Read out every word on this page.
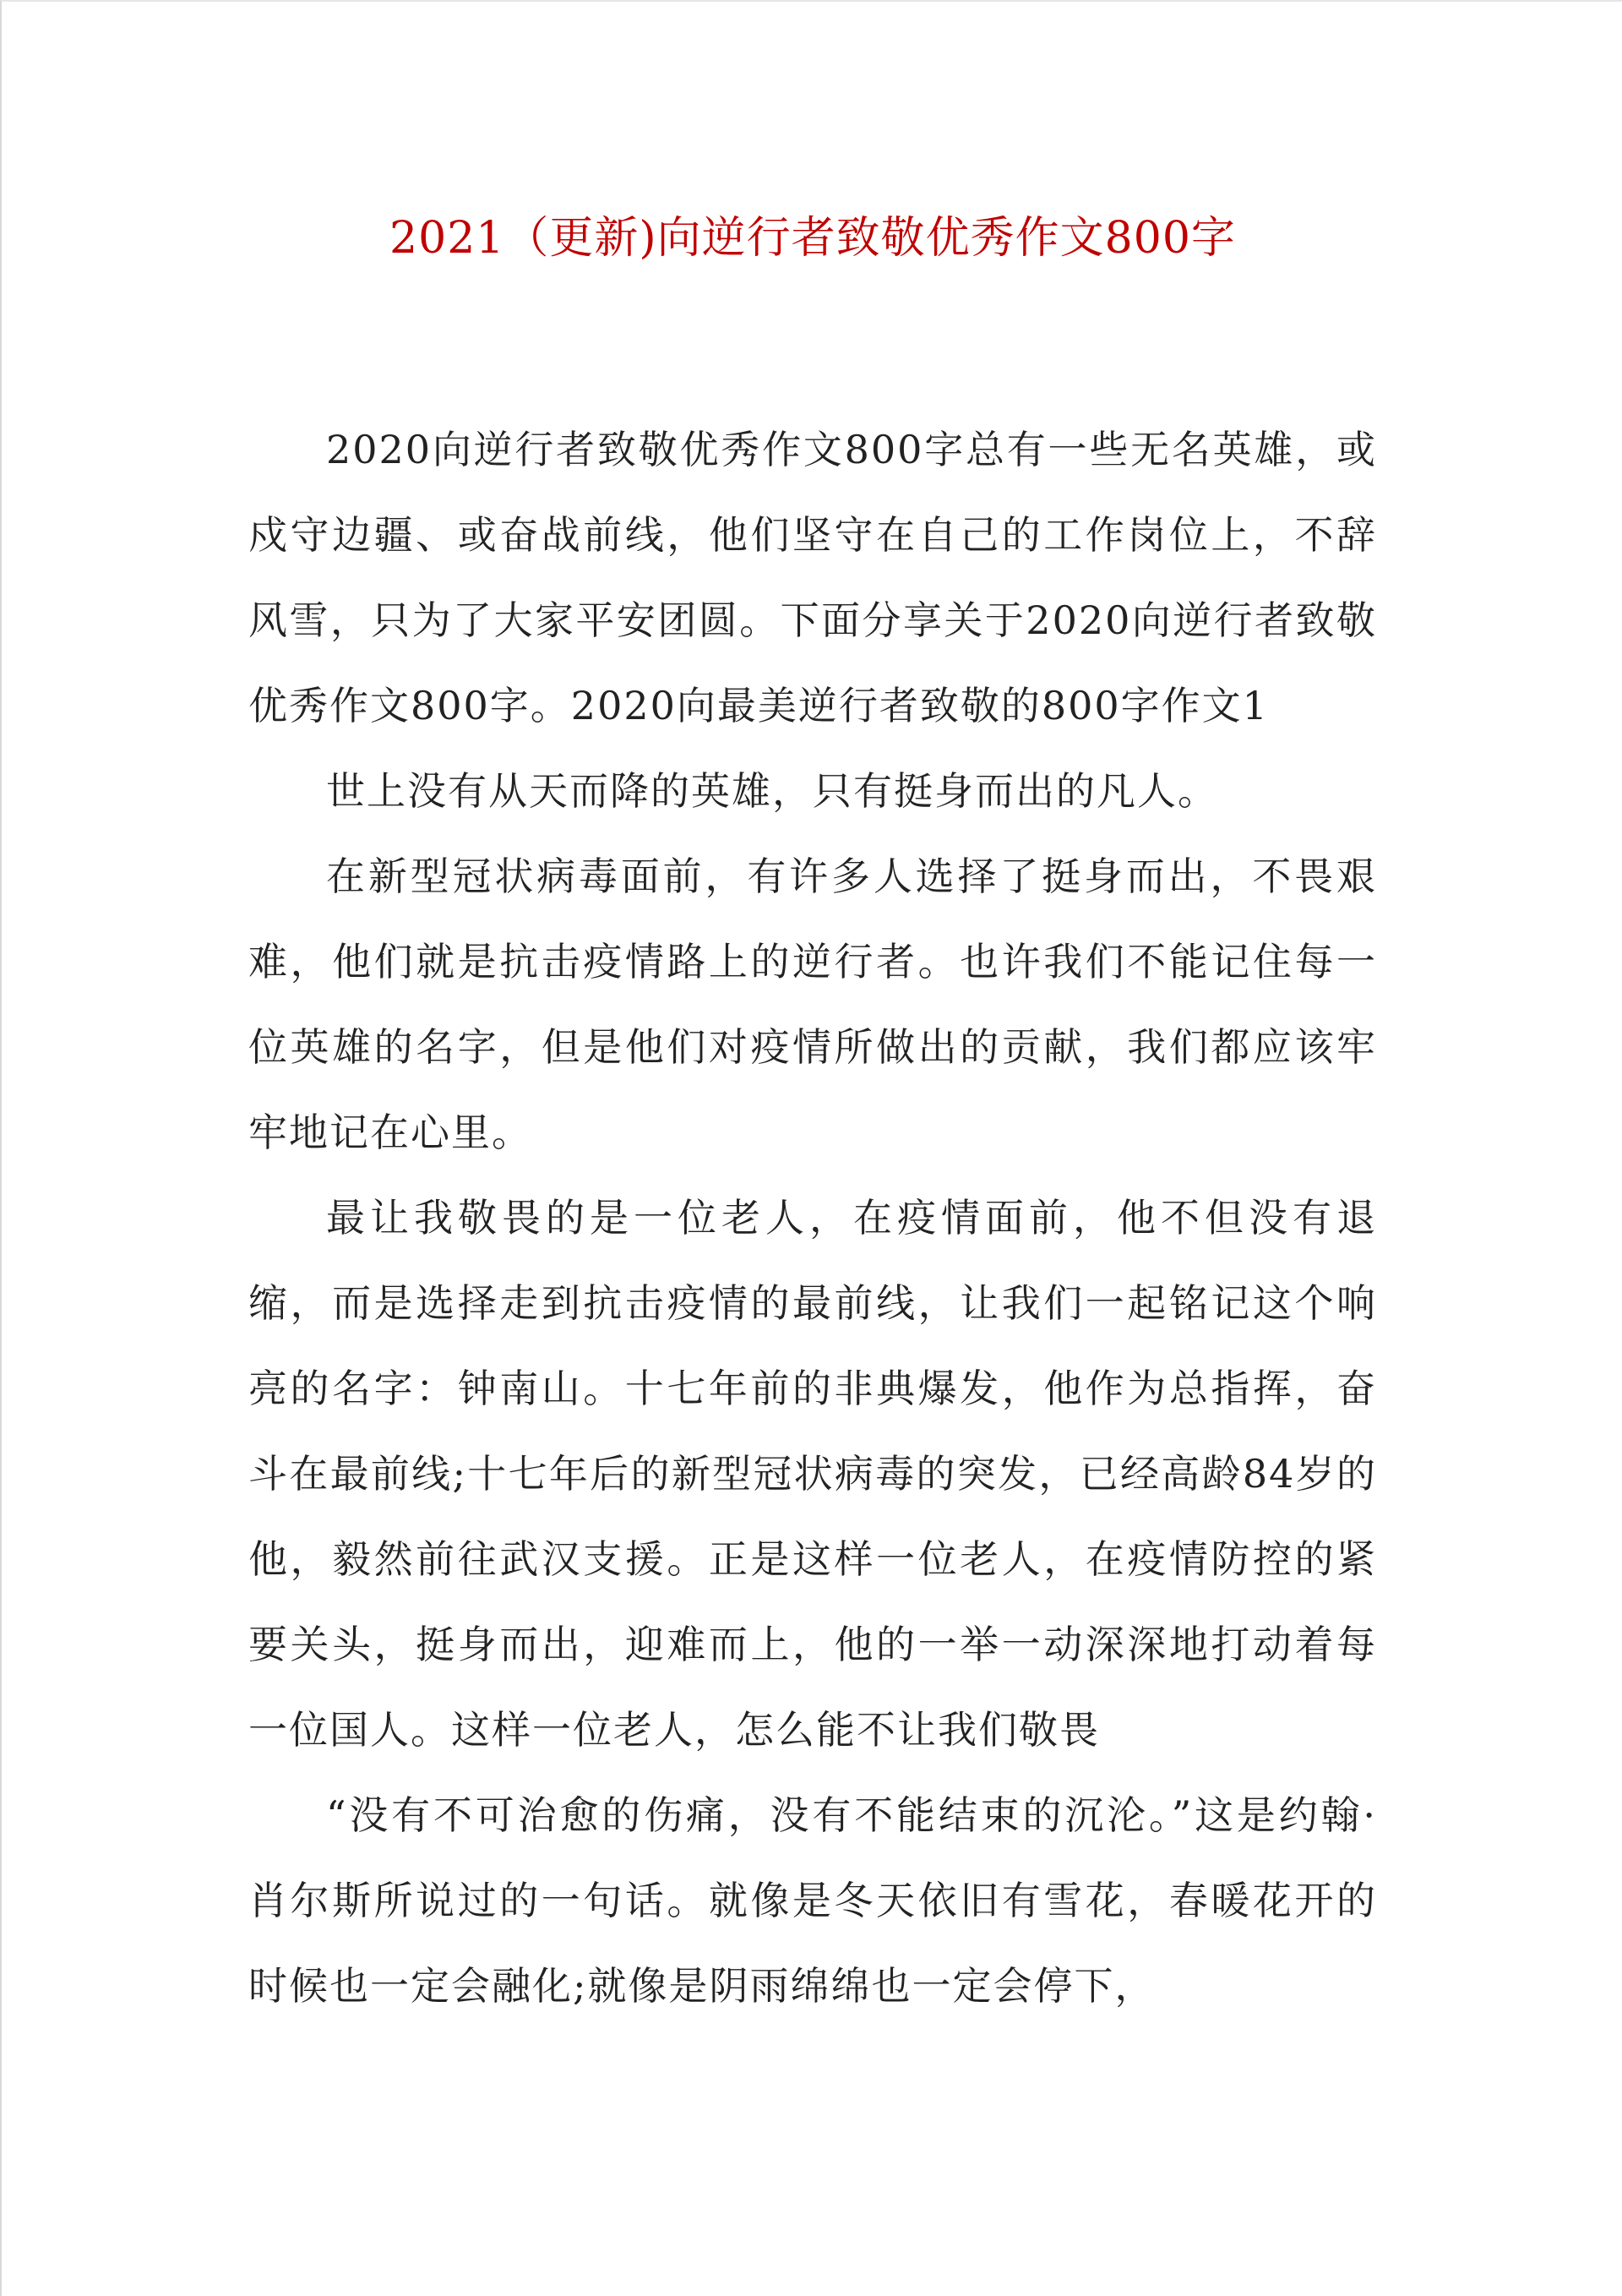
2021（更新)向逆行者致敬优秀作文800字

2020向逆行者致敬优秀作文800字总有一些无名英雄，或戍守边疆、或奋战前线，他们坚守在自己的工作岗位上，不辞风雪，只为了大家平安团圆。下面分享关于2020向逆行者致敬优秀作文800字。2020向最美逆行者致敬的800字作文1

世上没有从天而降的英雄，只有挺身而出的凡人。

在新型冠状病毒面前，有许多人选择了挺身而出，不畏艰难，他们就是抗击疫情路上的逆行者。也许我们不能记住每一位英雄的名字，但是他们对疫情所做出的贡献，我们都应该牢牢地记在心里。

最让我敬畏的是一位老人，在疫情面前，他不但没有退缩，而是选择走到抗击疫情的最前线，让我们一起铭记这个响亮的名字：钟南山。十七年前的非典爆发，他作为总指挥，奋斗在最前线;十七年后的新型冠状病毒的突发，已经高龄84岁的他，毅然前往武汉支援。正是这样一位老人，在疫情防控的紧要关头，挺身而出，迎难而上，他的一举一动深深地打动着每一位国人。这样一位老人，怎么能不让我们敬畏

“没有不可治愈的伤痛，没有不能结束的沉沦。”这是约翰·肖尔斯所说过的一句话。就像是冬天依旧有雪花，春暖花开的时候也一定会融化;就像是阴雨绵绵也一定会停下，
